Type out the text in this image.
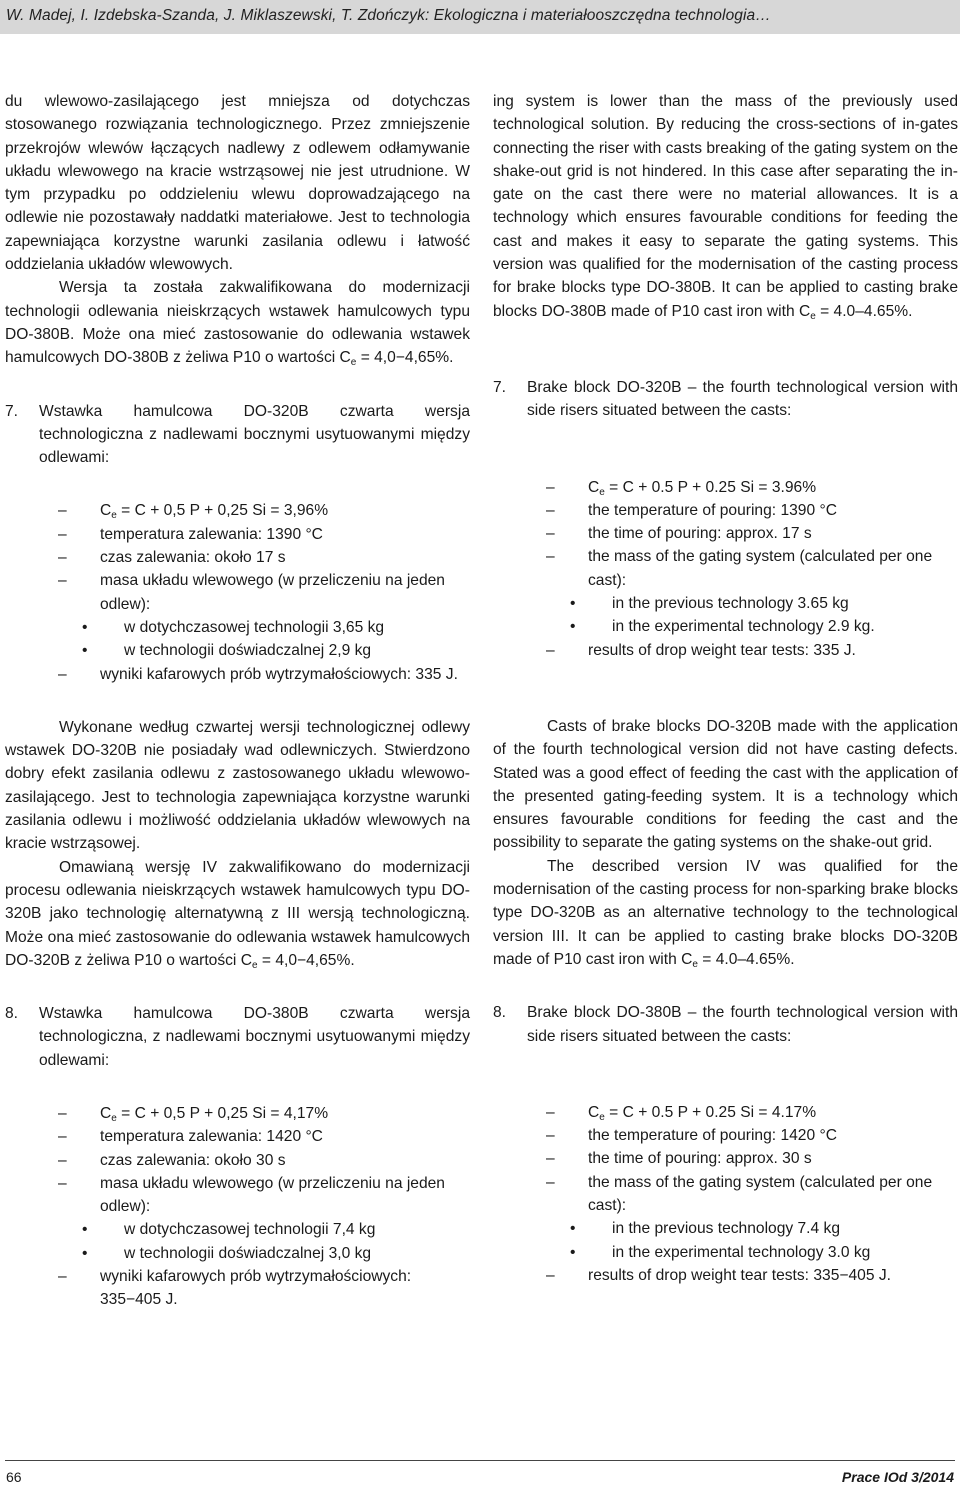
W. Madej, I. Izdebska-Szanda, J. Miklaszewski, T. Zdończyk: Ekologiczna i materiałooszczędna technologia…

du wlewowo-zasilającego jest mniejsza od dotychczas stosowanego rozwiązania technologicznego. Przez zmniejszenie przekrojów wlewów łączących nadlewy z odlewem odłamywanie układu wlewowego na kracie wstrząsowej nie jest utrudnione. W tym przypadku po oddzieleniu wlewu doprowadzającego na odlewie nie pozostawały naddatki materiałowe. Jest to technologia zapewniająca korzystne warunki zasilania odlewu i łatwość oddzielania układów wlewowych.

Wersja ta została zakwalifikowana do modernizacji technologii odlewania nieiskrzących wstawek hamulcowych typu DO-380B. Może ona mieć zastosowanie do odlewania wstawek hamulcowych DO-380B z żeliwa P10 o wartości $C_e = 4,0-4,65\%$.

7.	Wstawka hamulcowa DO-320B czwarta wersja technologiczna z nadlewami bocznymi usytuowanymi między odlewami:
–	$C_e = C + 0,5$ P + 0,25 Si = 3,96%
–	temperatura zalewania: 1390 °C
–	czas zalewania: około 17 s
–	masa układu wlewowego (w przeliczeniu na jeden odlew):
•	w dotychczasowej technologii 3,65 kg
•	w technologii doświadczalnej 2,9 kg
–	wyniki kafarowych prób wytrzymałościowych: 335 J.

Wykonane według czwartej wersji technologicznej odlewy wstawek DO-320B nie posiadały wad odlewniczych. Stwierdzono dobry efekt zasilania odlewu z zastosowanego układu wlewowo-zasilającego. Jest to technologia zapewniająca korzystne warunki zasilania odlewu i możliwość oddzielania układów wlewowych na kracie wstrząsowej.

Omawianą wersję IV zakwalifikowano do modernizacji procesu odlewania nieiskrzących wstawek hamulcowych typu DO-320B jako technologię alternatywną z III wersją technologiczną. Może ona mieć zastosowanie do odlewania wstawek hamulcowych DO-320B z żeliwa P10 o wartości $C_e = 4,0-4,65\%$.

8.	Wstawka hamulcowa DO-380B czwarta wersja technologiczna, z nadlewami bocznymi usytuowanymi między odlewami:
–	$C_e = C + 0,5$ P + 0,25 Si = 4,17%
–	temperatura zalewania: 1420 °C
–	czas zalewania: około 30 s
–	masa układu wlewowego (w przeliczeniu na jeden odlew):
•	w dotychczasowej technologii 7,4 kg
•	w technologii doświadczalnej 3,0 kg
–	wyniki kafarowych prób wytrzymałościowych: 335−405 J.

ing system is lower than the mass of the previously used technological solution. By reducing the cross-sections of in-gates connecting the riser with casts breaking of the gating system on the shake-out grid is not hindered. In this case after separating the in-gate on the cast there were no material allowances. It is a technology which ensures favourable conditions for feeding the cast and makes it easy to separate the gating systems. This version was qualified for the modernisation of the casting process for brake blocks type DO-380B. It can be applied to casting brake blocks DO-380B made of P10 cast iron with $C_e = 4.0-4.65\%$.

7.	Brake block DO-320B – the fourth technological version with side risers situated between the casts:
–	$C_e = C + 0.5$ P + 0.25 Si = 3.96%
–	the temperature of pouring: 1390 °C
–	the time of pouring: approx. 17 s
–	the mass of the gating system (calculated per one cast):
•	in the previous technology 3.65 kg
•	in the experimental technology 2.9 kg.
–	results of drop weight tear tests: 335 J.

Casts of brake blocks DO-320B made with the application of the fourth technological version did not have casting defects. Stated was a good effect of feeding the cast with the application of the presented gating-feeding system. It is a technology which ensures favourable conditions for feeding the cast and the possibility to separate the gating systems on the shake-out grid.

The described version IV was qualified for the modernisation of the casting process for non-sparking brake blocks type DO-320B as an alternative technology to the technological version III. It can be applied to casting brake blocks DO-320B made of P10 cast iron with $C_e = 4.0-4.65\%$.

8.	Brake block DO-380B – the fourth technological version with side risers situated between the casts:
–	$C_e = C + 0.5$ P + 0.25 Si = 4.17%
–	the temperature of pouring: 1420 °C
–	the time of pouring: approx. 30 s
–	the mass of the gating system (calculated per one cast):
•	in the previous technology 7.4 kg
•	in the experimental technology 3.0 kg
–	results of drop weight tear tests: 335−405 J.
66	Prace IOd 3/2014
